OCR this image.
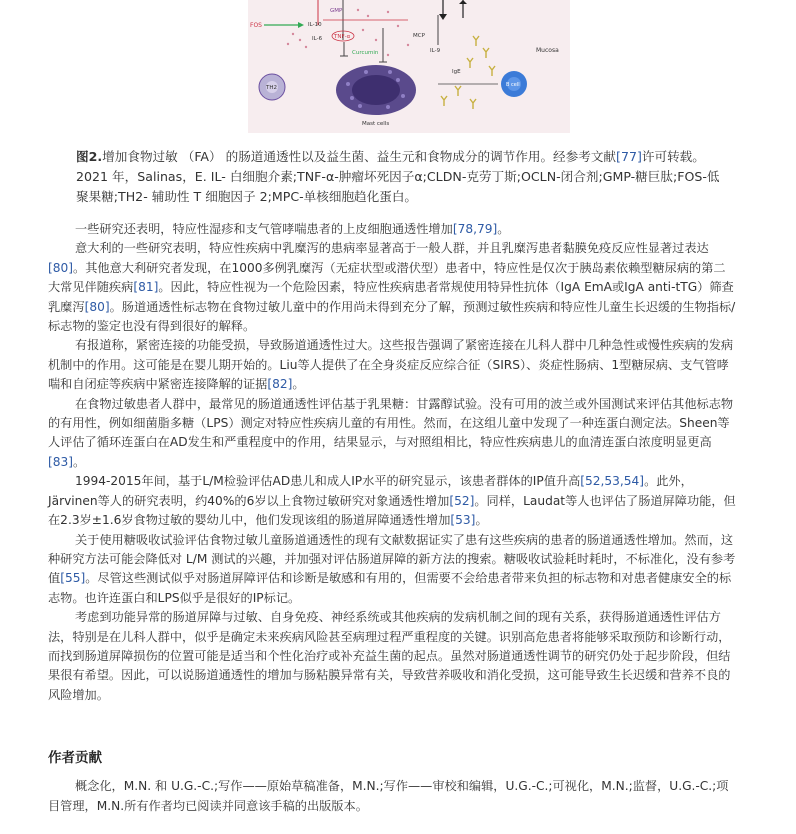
FOS	IL-10
GMP
IL-6 TNF-α
Curcumin
TH2
Mast cells
MCP
IL-9
IgE
Mucosa
B cell
图2.增加食物过敏 （FA） 的肠道通透性以及益生菌、益生元和食物成分的调节作用。经参考文献[77]许可转载。2021 年，Salinas，E. IL- 白细胞介素;TNF-α-肿瘤坏死因子α;CLDN-克劳丁斯;OCLN-闭合剂;GMP-糖巨肽;FOS-低聚果糖;TH2- 辅助性 T 细胞因子 2;MPC-单核细胞趋化蛋白。

一些研究还表明，特应性湿疹和支气管哮喘患者的上皮细胞通透性增加[78,79]。

意大利的一些研究表明，特应性疾病中乳糜泻的患病率显著高于一般人群，并且乳糜泻患者黏膜免疫反应性显著过表达[80]。其他意大利研究者发现，在1000多例乳糜泻（无症状型或潜伏型）患者中，特应性是仅次于胰岛素依赖型糖尿病的第二大常见伴随疾病[81]。因此，特应性视为一个危险因素，特应性疾病患者常规使用特异性抗体（IgA EmA或IgA anti-tTG）筛查乳糜泻[80]。肠道通透性标志物在食物过敏儿童中的作用尚未得到充分了解，预测过敏性疾病和特应性儿童生长迟缓的生物指标/标志物的鉴定也没有得到很好的解释。

有报道称，紧密连接的功能受损，导致肠道通透性过大。这些报告强调了紧密连接在儿科人群中几种急性或慢性疾病的发病机制中的作用。这可能是在婴儿期开始的。Liu等人提供了在全身炎症反应综合征（SIRS）、炎症性肠病、1型糖尿病、支气管哮喘和自闭症等疾病中紧密连接降解的证据[82]。

在食物过敏患者人群中，最常见的肠道通透性评估基于乳果糖：甘露醇试验。没有可用的波兰或外国测试来评估其他标志物的有用性，例如细菌脂多糖（LPS）测定对特应性疾病儿童的有用性。然而，在这组儿童中发现了一种连蛋白测定法。Sheen等人评估了循环连蛋白在AD发生和严重程度中的作用，结果显示，与对照组相比，特应性疾病患儿的血清连蛋白浓度明显更高[83]。

1994-2015年间，基于L/M检验评估AD患儿和成人IP水平的研究显示，该患者群体的IP值升高[52,53,54]。此外，Järvinen等人的研究表明，约40%的6岁以上食物过敏研究对象通透性增加[52]。同样，Laudat等人也评估了肠道屏障功能，但在2.3岁±1.6岁食物过敏的婴幼儿中，他们发现该组的肠道屏障通透性增加[53]。

关于使用糖吸收试验评估食物过敏儿童肠道通透性的现有文献数据证实了患有这些疾病的患者的肠道通透性增加。然而，这种研究方法可能会降低对 L/M 测试的兴趣，并加强对评估肠道屏障的新方法的搜索。糖吸收试验耗时耗时，不标准化，没有参考值[55]。尽管这些测试似乎对肠道屏障评估和诊断是敏感和有用的，但需要不会给患者带来负担的标志物和对患者健康安全的标志物。也许连蛋白和LPS似乎是很好的IP标记。

考虑到功能异常的肠道屏障与过敏、自身免疫、神经系统或其他疾病的发病机制之间的现有关系，获得肠道通透性评估方法，特别是在儿科人群中，似乎是确定未来疾病风险甚至病理过程严重程度的关键。识别高危患者将能够采取预防和诊断行动，而找到肠道屏障损伤的位置可能是适当和个性化治疗或补充益生菌的起点。虽然对肠道通透性调节的研究仍处于起步阶段，但结果很有希望。因此，可以说肠道通透性的增加与肠粘膜异常有关，导致营养吸收和消化受损，这可能导致生长迟缓和营养不良的风险增加。

作者贡献

概念化，M.N. 和 U.G.-C.;写作——原始草稿准备，M.N.;写作——审校和编辑，U.G.-C.;可视化，M.N.;监督，U.G.-C.;项目管理，M.N.所有作者均已阅读并同意该手稿的出版版本。
